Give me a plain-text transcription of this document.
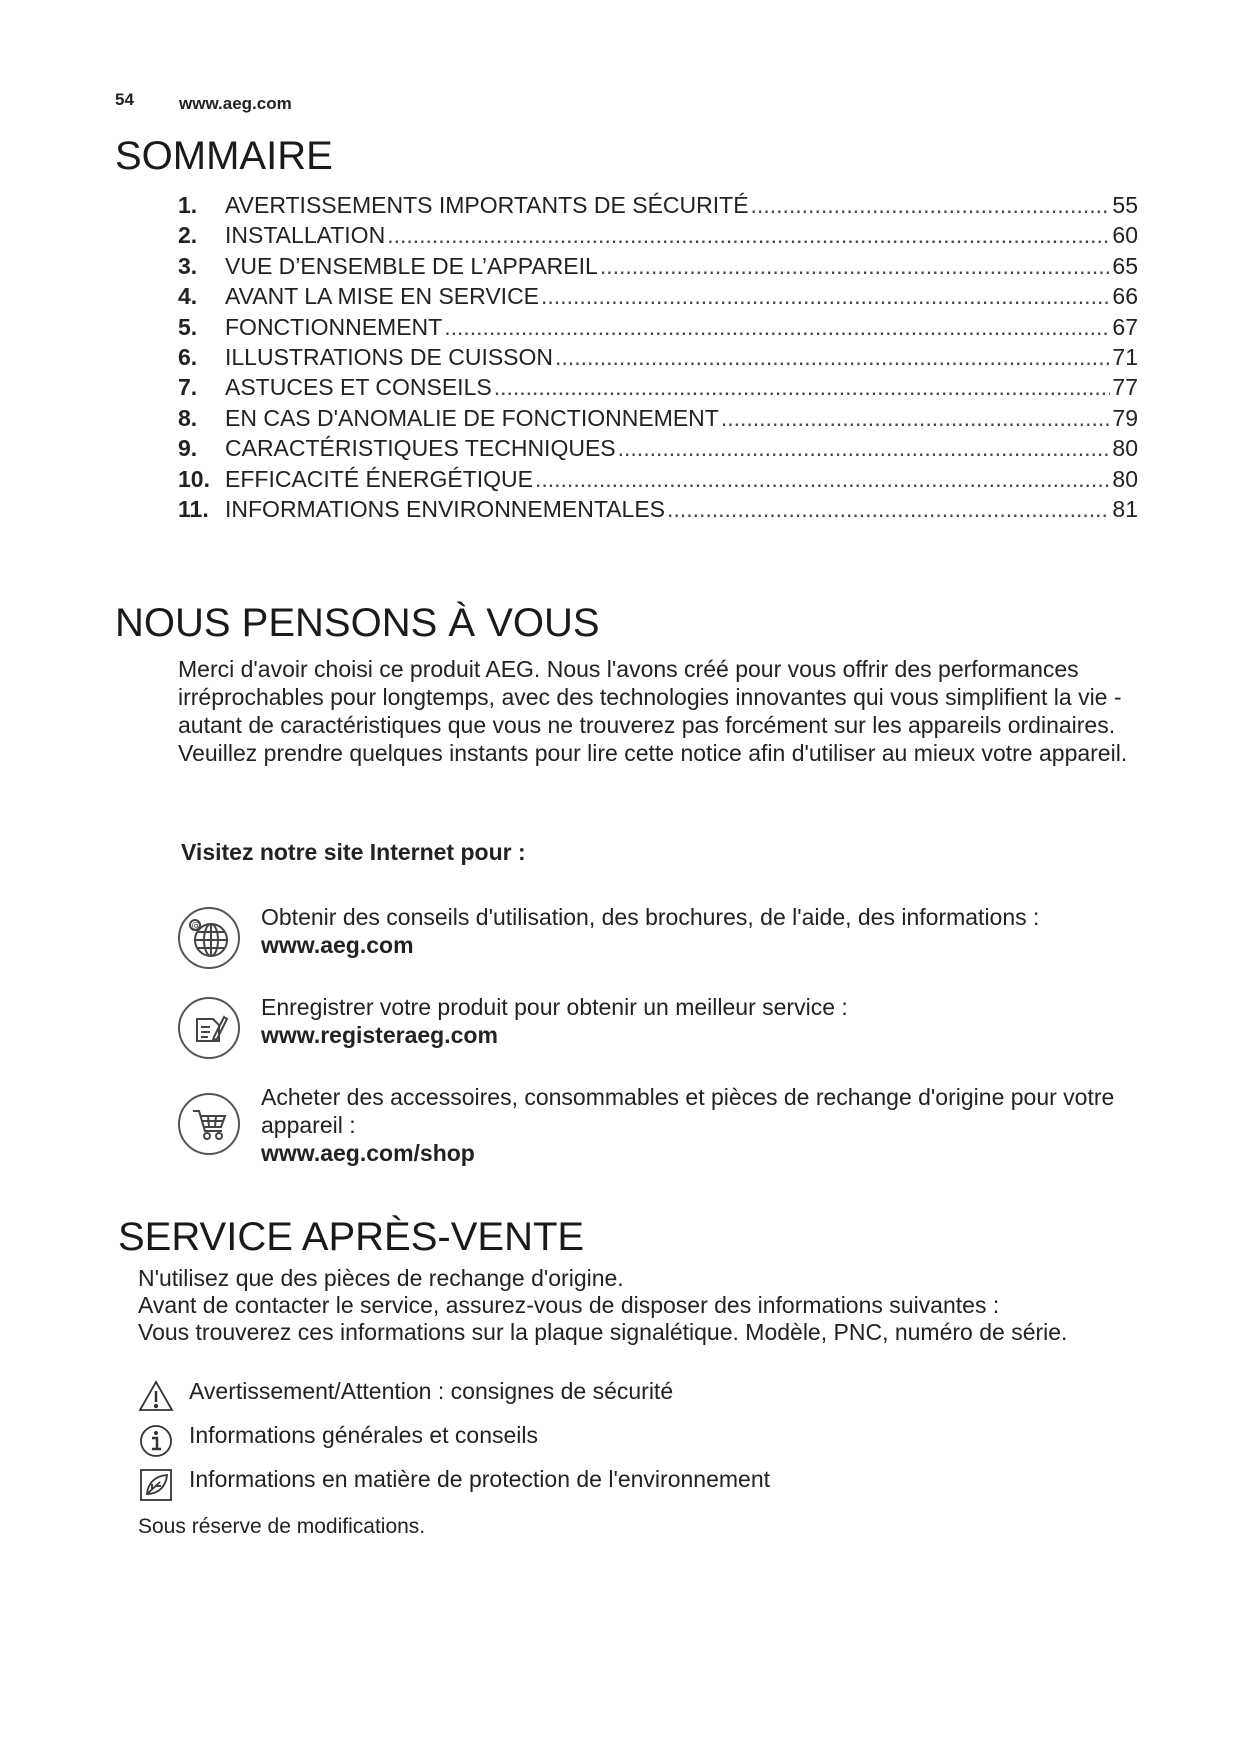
54	www.aeg.com
SOMMAIRE
1.	AVERTISSEMENTS IMPORTANTS DE SÉCURITÉ .....	55
2.	INSTALLATION .....	60
3.	VUE D’ENSEMBLE DE L’APPAREIL .....	65
4.	AVANT LA MISE EN SERVICE .....	66
5.	FONCTIONNEMENT .....	67
6.	ILLUSTRATIONS DE CUISSON .....	71
7.	ASTUCES ET CONSEILS .....	77
8.	EN CAS D'ANOMALIE DE FONCTIONNEMENT .....	79
9.	CARACTÉRISTIQUES TECHNIQUES .....	80
10. EFFICACITÉ ÉNERGÉTIQUE .....	80
11. INFORMATIONS ENVIRONNEMENTALES .....	81
NOUS PENSONS À VOUS

Merci d'avoir choisi ce produit AEG. Nous l'avons créé pour vous offrir des performances irréprochables pour longtemps, avec des technologies innovantes qui vous simplifient la vie - autant de caractéristiques que vous ne trouverez pas forcément sur les appareils ordinaires. Veuillez prendre quelques instants pour lire cette notice afin d'utiliser au mieux votre appareil.

Visitez notre site Internet pour :

@	Obtenir des conseils d'utilisation, des brochures, de l'aide, des informations :
www.aeg.com
Enregistrer votre produit pour obtenir un meilleur service :
www.registeraeg.com
Acheter des accessoires, consommables et pièces de rechange d'origine pour votre appareil :
www.aeg.com/shop
SERVICE APRÈS-VENTE

N'utilisez que des pièces de rechange d'origine.

Avant de contacter le service, assurez-vous de disposer des informations suivantes :

Vous trouverez ces informations sur la plaque signalétique. Modèle, PNC, numéro de série.

Avertissement/Attention : consignes de sécurité
Informations générales et conseils
Informations en matière de protection de l'environnement

Sous réserve de modifications.
